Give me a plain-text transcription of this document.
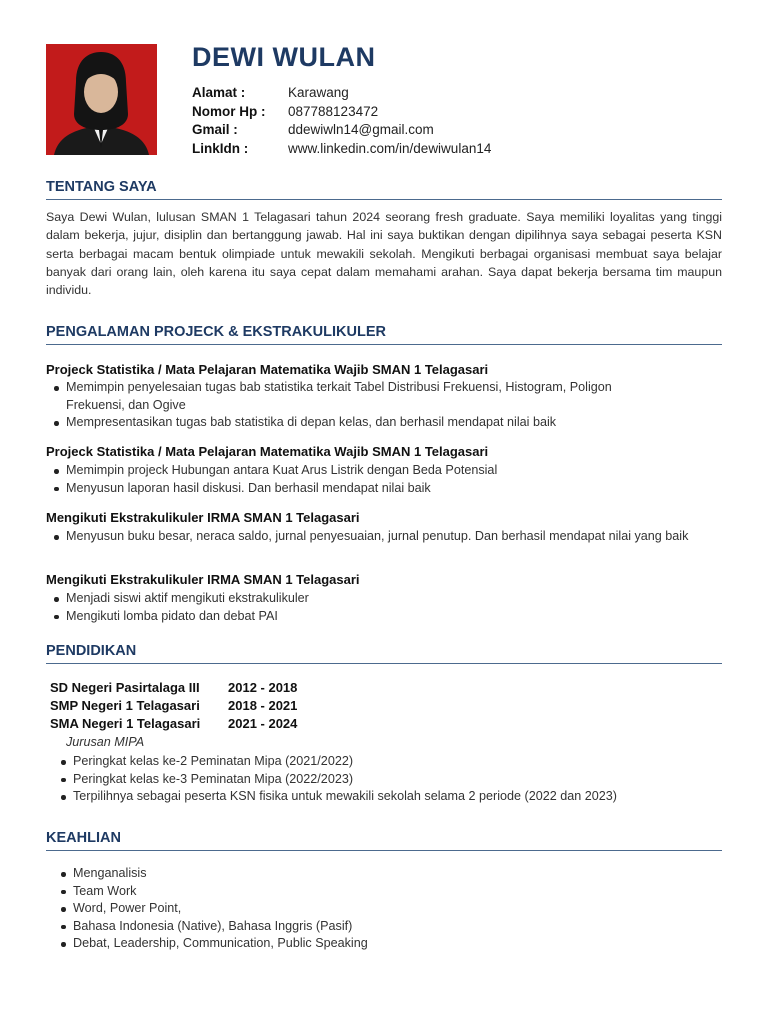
DEWI WULAN
Alamat :	Karawang
Nomor Hp :	087788123472
Gmail :	ddewiwln14@gmail.com
LinkIdn :	www.linkedin.com/in/dewiwulan14
TENTANG SAYA
Saya Dewi Wulan, lulusan SMAN 1 Telagasari tahun 2024 seorang fresh graduate. Saya memiliki loyalitas yang tinggi dalam bekerja, jujur, disiplin dan bertanggung jawab. Hal ini saya buktikan dengan dipilihnya saya sebagai peserta KSN serta berbagai macam bentuk olimpiade untuk mewakili sekolah. Mengikuti berbagai organisasi membuat saya belajar banyak dari orang lain, oleh karena itu saya cepat dalam memahami arahan. Saya dapat bekerja bersama tim maupun individu.
PENGALAMAN PROJECK & EKSTRAKULIKULER
Projeck Statistika / Mata Pelajaran Matematika Wajib SMAN 1 Telagasari
Memimpin penyelesaian tugas bab statistika terkait Tabel Distribusi Frekuensi, Histogram, Poligon Frekuensi, dan Ogive
Mempresentasikan tugas bab statistika di depan kelas, dan berhasil mendapat nilai baik
Projeck Statistika / Mata Pelajaran Matematika Wajib SMAN 1 Telagasari
Memimpin projeck Hubungan antara Kuat Arus Listrik dengan Beda Potensial
Menyusun laporan hasil diskusi. Dan berhasil mendapat nilai baik
Mengikuti Ekstrakulikuler IRMA SMAN 1 Telagasari
Menyusun buku besar, neraca saldo, jurnal penyesuaian, jurnal penutup. Dan berhasil mendapat nilai yang baik
Mengikuti Ekstrakulikuler IRMA SMAN 1 Telagasari
Menjadi siswi aktif mengikuti ekstrakulikuler
Mengikuti lomba pidato dan debat PAI
PENDIDIKAN
SD Negeri Pasirtalaga III	2012 - 2018
SMP Negeri 1 Telagasari	2018 - 2021
SMA Negeri 1 Telagasari	2021 - 2024
Jurusan MIPA
Peringkat kelas ke-2 Peminatan Mipa (2021/2022)
Peringkat kelas ke-3 Peminatan Mipa (2022/2023)
Terpilihnya sebagai peserta KSN fisika untuk mewakili sekolah selama 2 periode (2022 dan 2023)
KEAHLIAN
Menganalisis
Team Work
Word, Power Point,
Bahasa Indonesia (Native), Bahasa Inggris (Pasif)
Debat, Leadership, Communication, Public Speaking
